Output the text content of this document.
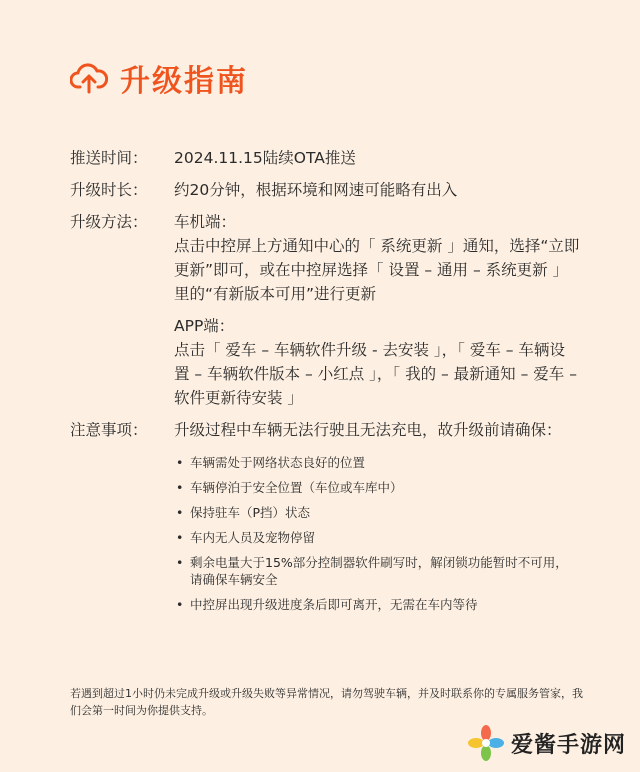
升级指南
推送时间：	2024.11.15陆续OTA推送
升级时长：	约20分钟，根据环境和网速可能略有出入
升级方法：	车机端：

点击中控屏上方通知中心的「 系统更新 」通知，选择“立即更新”即可，或在中控屏选择「 设置 – 通用 – 系统更新 」里的“有新版本可用”进行更新

APP端：

点击「 爱车 – 车辆软件升级 - 去安装 」，「 爱车 – 车辆设置 – 车辆软件版本 – 小红点 」，「 我的 – 最新通知 – 爱车 – 软件更新待安装 」

注意事项：	升级过程中车辆无法行驶且无法充电，故升级前请确保：

• 车辆需处于网络状态良好的位置
• 车辆停泊于安全位置（车位或车库中）
• 保持驻车（P挡）状态
• 车内无人员及宠物停留
• 剩余电量大于15%部分控制器软件刷写时，解闭锁功能暂时不可用，请确保车辆安全
• 中控屏出现升级进度条后即可离开，无需在车内等待

若遇到超过1小时仍未完成升级或升级失败等异常情况，请勿驾驶车辆，并及时联系你的专属服务管家，我们会第一时间为你提供支持。

爱酱手游网
